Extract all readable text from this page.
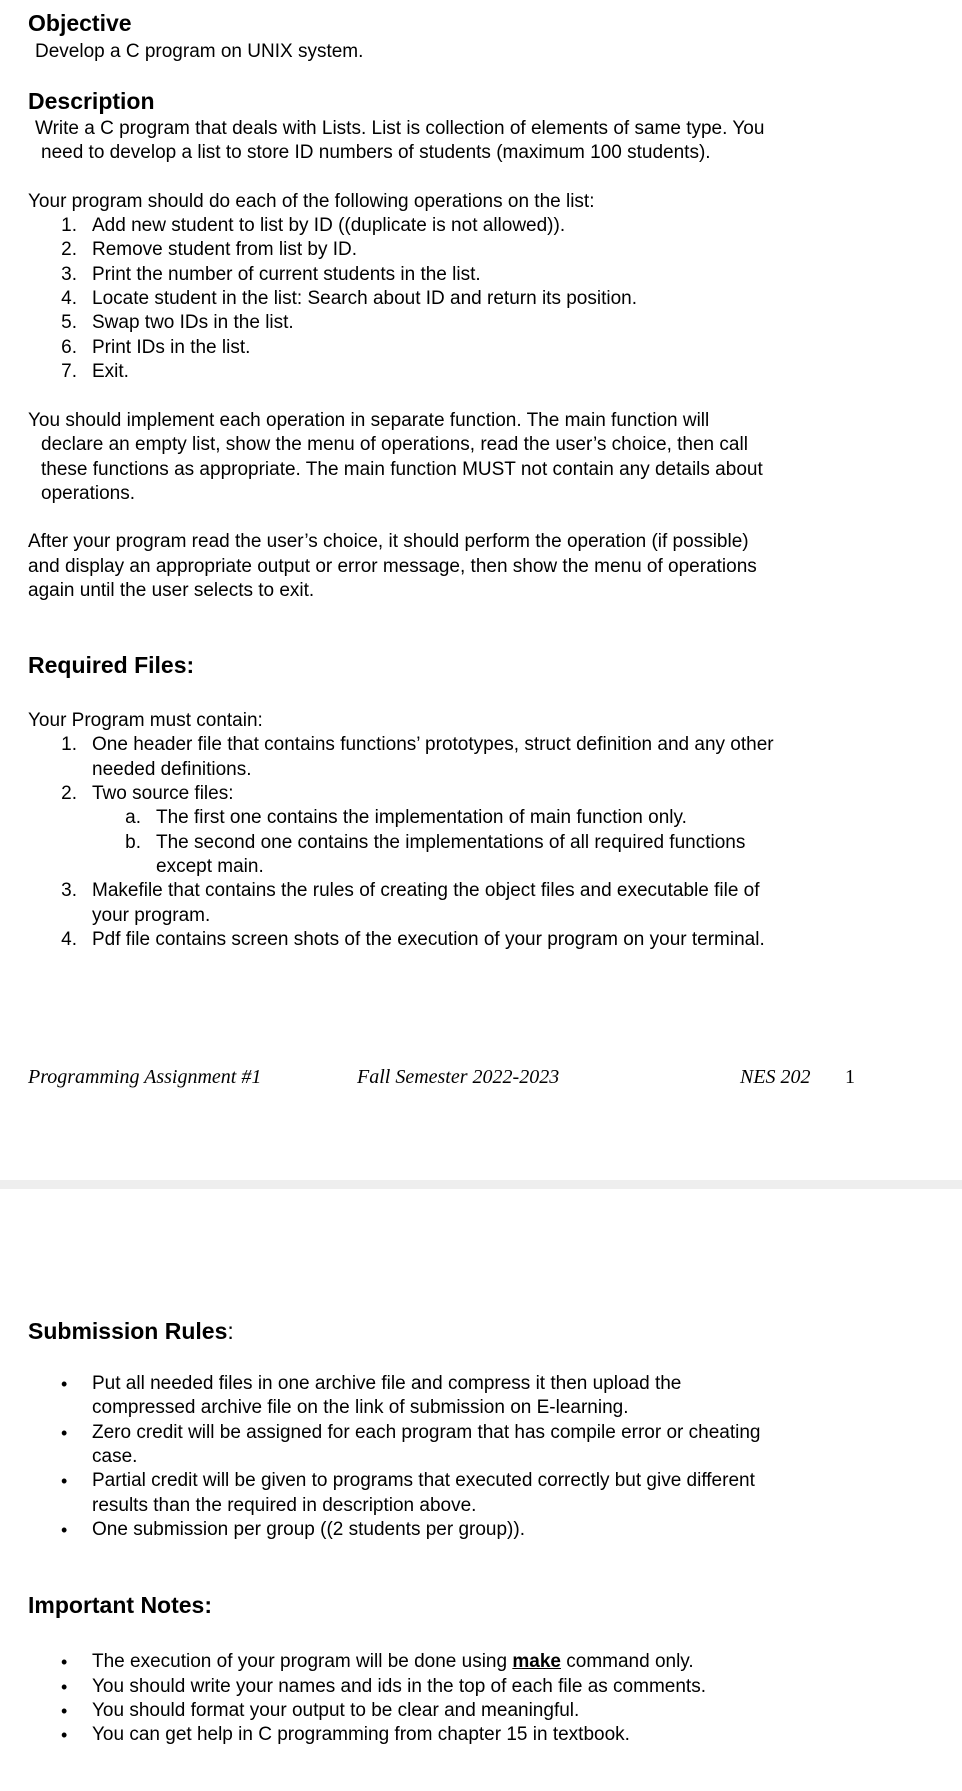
Objective
Develop a C program on UNIX system.
Description
Write a C program that deals with Lists. List is collection of elements of same type. You
need to develop a list to store ID numbers of students (maximum 100 students).
Your program should do each of the following operations on the list:
1. Add new student to list by ID ((duplicate is not allowed)).
2. Remove student from list by ID.
3. Print the number of current students in the list.
4. Locate student in the list: Search about ID and return its position.
5. Swap two IDs in the list.
6. Print IDs in the list.
7. Exit.
You should implement each operation in separate function. The main function will
declare an empty list, show the menu of operations, read the user’s choice, then call
these functions as appropriate. The main function MUST not contain any details about
operations.
After your program read the user’s choice, it should perform the operation (if possible)
and display an appropriate output or error message, then show the menu of operations
again until the user selects to exit.
Required Files:
Your Program must contain:
1. One header file that contains functions’ prototypes, struct definition and any other
needed definitions.
2. Two source files:
a. The first one contains the implementation of main function only.
b. The second one contains the implementations of all required functions
except main.
3. Makefile that contains the rules of creating the object files and executable file of
your program.
4. Pdf file contains screen shots of the execution of your program on your terminal.
Programming Assignment #1	Fall Semester 2022-2023	NES 202 1
Submission Rules:
• Put all needed files in one archive file and compress it then upload the
compressed archive file on the link of submission on E-learning.
• Zero credit will be assigned for each program that has compile error or cheating
case.
• Partial credit will be given to programs that executed correctly but give different
results than the required in description above.
• One submission per group ((2 students per group)).
Important Notes:
• The execution of your program will be done using make command only.
• You should write your names and ids in the top of each file as comments.
• You should format your output to be clear and meaningful.
• You can get help in C programming from chapter 15 in textbook.
